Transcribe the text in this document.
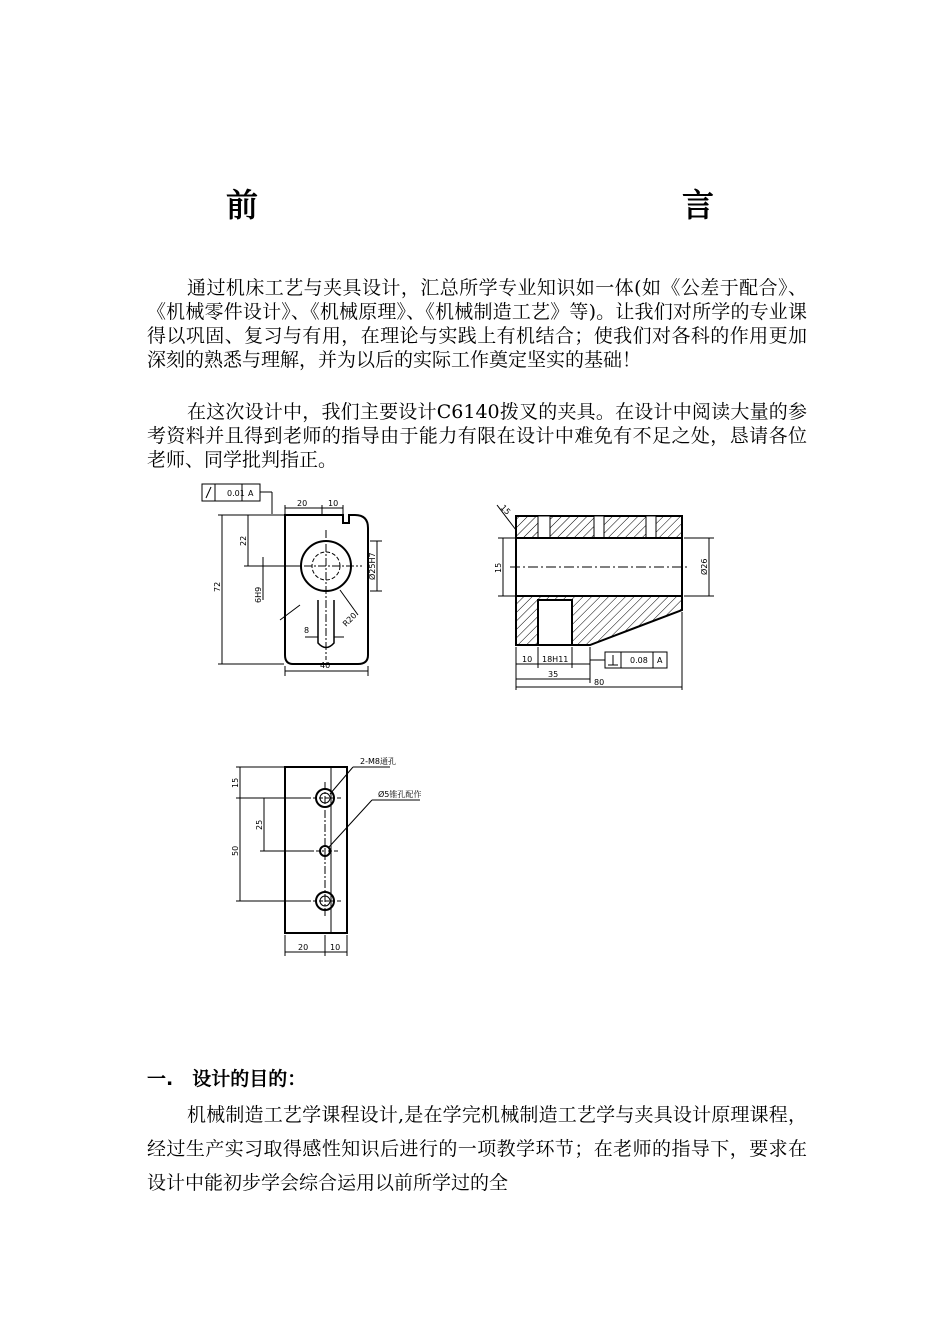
前　　言

通过机床工艺与夹具设计，汇总所学专业知识如一体(如《公差于配合》、《机械零件设计》、《机械原理》、《机械制造工艺》等)。让我们对所学的专业课得以巩固、复习与有用，在理论与实践上有机结合；使我们对各科的作用更加深刻的熟悉与理解，并为以后的实际工作奠定坚实的基础！

在这次设计中，我们主要设计C6140拨叉的夹具。在设计中阅读大量的参考资料并且得到老师的指导由于能力有限在设计中难免有不足之处，恳请各位老师、同学批判指正。

0.01 A
20	10
22
72	6H9
Ø25H7
R20
8
40
15
15	Ø26
10 18H11
35
80
0.08 A
2-M8通孔
Ø5锥孔配作
15
25
50
20	10
一.　设计的目的：

机械制造工艺学课程设计,是在学完机械制造工艺学与夹具设计原理课程，经过生产实习取得感性知识后进行的一项教学环节；在老师的指导下，要求在设计中能初步学会综合运用以前所学过的全
